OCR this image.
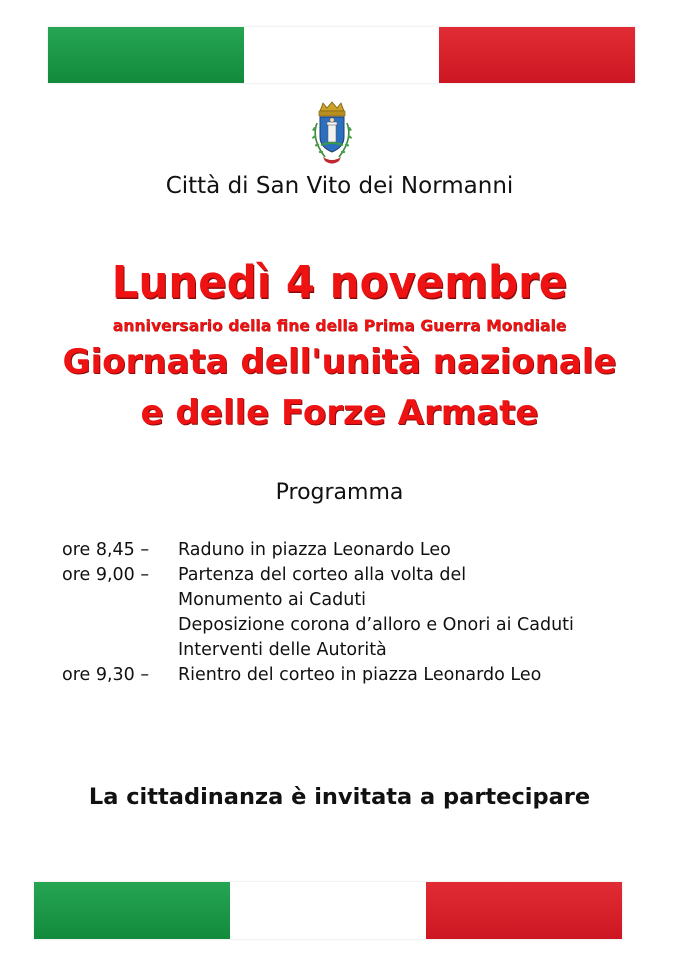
Città di San Vito dei Normanni
Lunedì 4 novembre
anniversario della fine della Prima Guerra Mondiale
Giornata dell'unità nazionale
e delle Forze Armate
Programma
ore 8,45 –	Raduno in piazza Leonardo Leo
ore 9,00 –	Partenza del corteo alla volta del
Monumento ai Caduti
Deposizione corona d’alloro e Onori ai Caduti
Interventi delle Autorità
ore 9,30 –	Rientro del corteo in piazza Leonardo Leo
La cittadinanza è invitata a partecipare
